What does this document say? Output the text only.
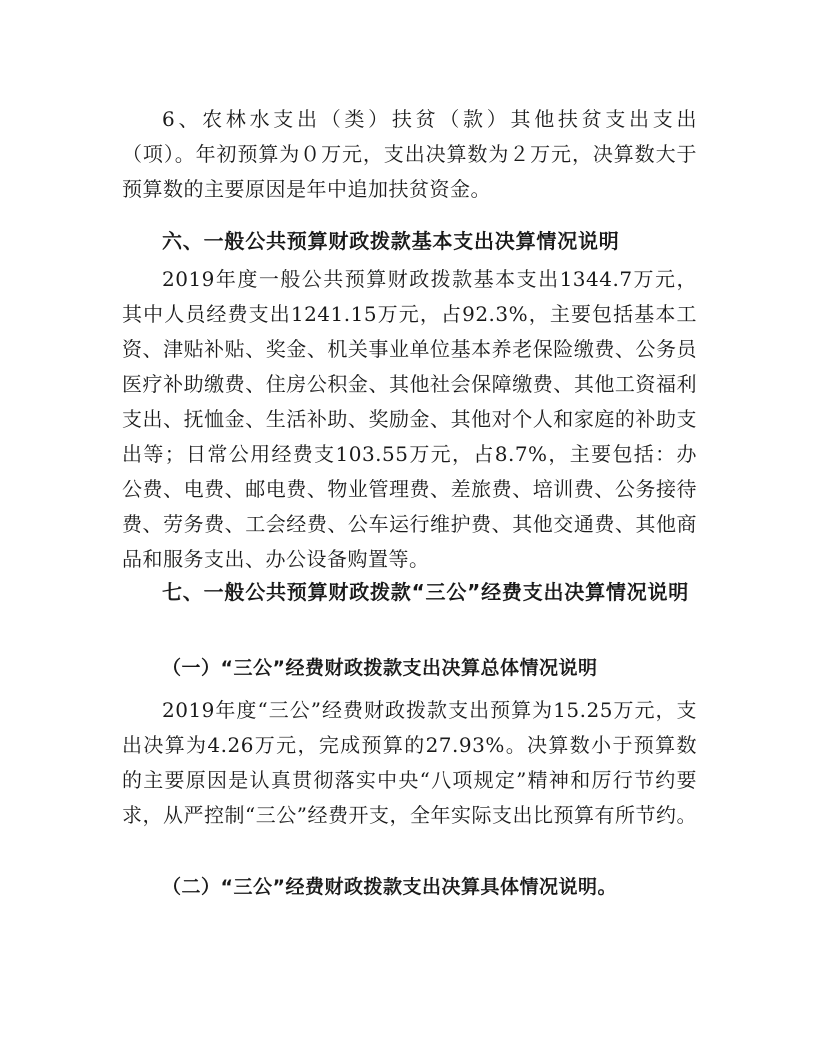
6、农林水支出（类）扶贫（款）其他扶贫支出支出（项）。年初预算为０万元，支出决算数为２万元，决算数大于预算数的主要原因是年中追加扶贫资金。

六、一般公共预算财政拨款基本支出决算情况说明

2019年度一般公共预算财政拨款基本支出1344.7万元，其中人员经费支出1241.15万元，占92.3%，主要包括基本工资、津贴补贴、奖金、机关事业单位基本养老保险缴费、公务员医疗补助缴费、住房公积金、其他社会保障缴费、其他工资福利支出、抚恤金、生活补助、奖励金、其他对个人和家庭的补助支出等；日常公用经费支103.55万元，占8.7%，主要包括：办公费、电费、邮电费、物业管理费、差旅费、培训费、公务接待费、劳务费、工会经费、公车运行维护费、其他交通费、其他商品和服务支出、办公设备购置等。

七、一般公共预算财政拨款“三公”经费支出决算情况说明

（一）“三公”经费财政拨款支出决算总体情况说明

2019年度“三公”经费财政拨款支出预算为15.25万元，支出决算为4.26万元，完成预算的27.93%。决算数小于预算数的主要原因是认真贯彻落实中央“八项规定”精神和厉行节约要求，从严控制“三公”经费开支，全年实际支出比预算有所节约。

（二）“三公”经费财政拨款支出决算具体情况说明。
